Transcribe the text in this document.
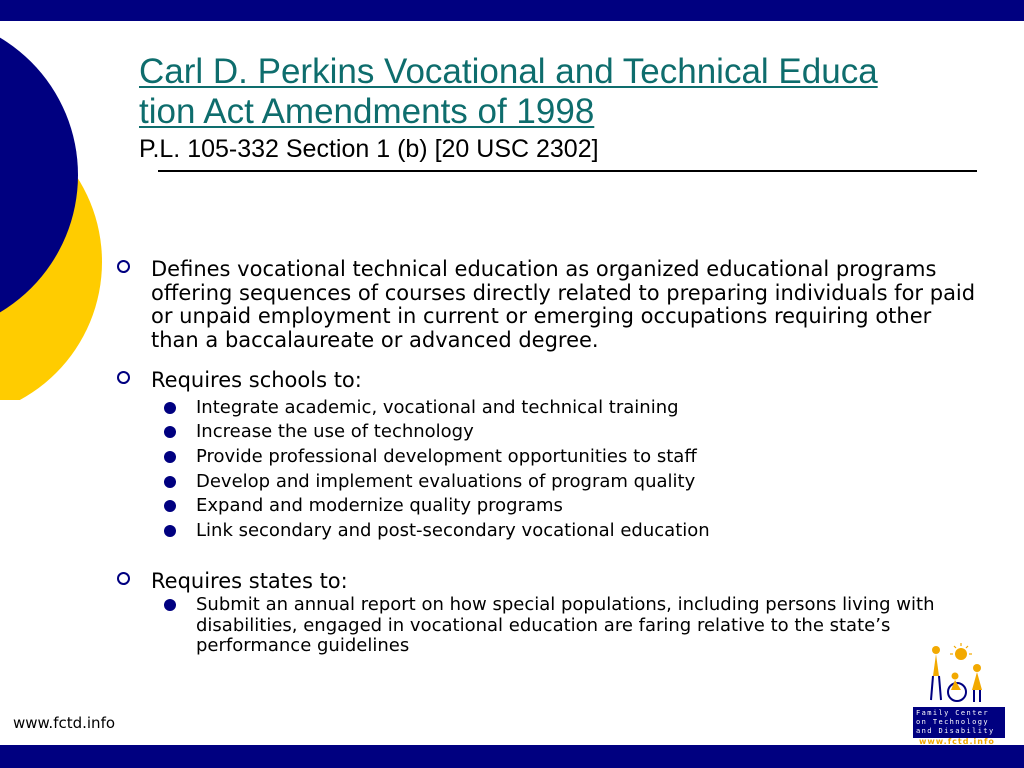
Carl D. Perkins Vocational and Technical Educa
tion Act Amendments of 1998
P.L. 105-332 Section 1 (b) [20 USC 2302]
Defines vocational technical education as organized educational programs offering sequences of courses directly related to preparing individuals for paid or unpaid employment in current or emerging occupations requiring other than a baccalaureate or advanced degree.
Requires schools to:
Integrate academic, vocational and technical training
Increase the use of technology
Provide professional development opportunities to staff
Develop and implement evaluations of program quality
Expand and modernize quality programs
Link secondary and post-secondary vocational education
Requires states to:
Submit an annual report on how special populations, including persons living with disabilities, engaged in vocational education are faring relative to the state’s performance guidelines
www.fctd.info
Family Center
on Technology
and Disability
www.fctd.info
